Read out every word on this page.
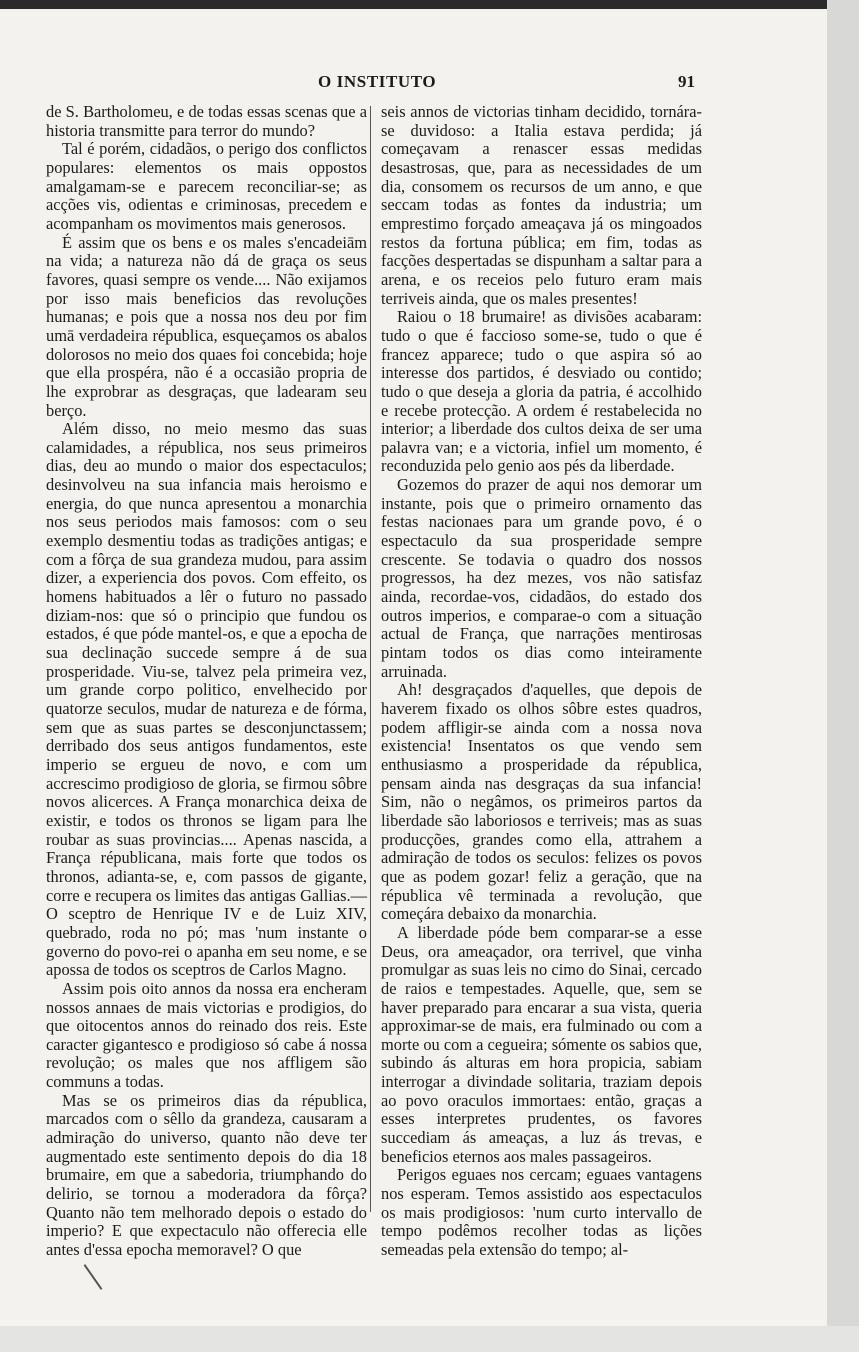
O INSTITUTO	91

de S. Bartholomeu, e de todas essas scenas que a historia transmitte para terror do mundo?

Tal é porém, cidadãos, o perigo dos conflictos populares: elementos os mais oppostos amalgamam-se e parecem reconciliar-se; as acções vis, odientas e criminosas, precedem e acompanham os movimentos mais generosos.

É assim que os bens e os males s'encadeiām na vida; a natureza não dá de graça os seus favores, quasi sempre os vende.... Não exijamos por isso mais beneficios das revoluções humanas; e pois que a nossa nos deu por fim umā verdadeira républica, esqueçamos os abalos dolorosos no meio dos quaes foi concebida; hoje que ella prospéra, não é a occasião propria de lhe exprobrar as desgraças, que ladearam seu berço.

Além disso, no meio mesmo das suas calamidades, a républica, nos seus primeiros dias, deu ao mundo o maior dos espectaculos; desinvolveu na sua infancia mais heroismo e energia, do que nunca apresentou a monarchia nos seus periodos mais famosos: com o seu exemplo desmentiu todas as tradições antigas; e com a fôrça de sua grandeza mudou, para assim dizer, a experiencia dos povos. Com effeito, os homens habituados a lêr o futuro no passado diziam-nos: que só o principio que fundou os estados, é que póde mantel-os, e que a epocha de sua declinação succede sempre á de sua prosperidade. Viu-se, talvez pela primeira vez, um grande corpo politico, envelhecido por quatorze seculos, mudar de natureza e de fórma, sem que as suas partes se desconjunctassem; derribado dos seus antigos fundamentos, este imperio se ergueu de novo, e com um accrescimo prodigioso de gloria, se firmou sôbre novos alicerces. A França monarchica deixa de existir, e todos os thronos se ligam para lhe roubar as suas provincias.... Apenas nascida, a França républicana, mais forte que todos os thronos, adianta-se, e, com passos de gigante, corre e recupera os limites das antigas Gallias.—O sceptro de Henrique IV e de Luiz XIV, quebrado, roda no pó; mas 'num instante o governo do povo-rei o apanha em seu nome, e se apossa de todos os sceptros de Carlos Magno.

Assim pois oito annos da nossa era encheram nossos annaes de mais victorias e prodigios, do que oitocentos annos do reinado dos reis. Este caracter gigantesco e prodigioso só cabe á nossa revolução; os males que nos affligem são communs a todas.

Mas se os primeiros dias da républica, marcados com o sêllo da grandeza, causaram a admiração do universo, quanto não deve ter augmentado este sentimento depois do dia 18 brumaire, em que a sabedoria, triumphando do delirio, se tornou a moderadora da fôrça? Quanto não tem melhorado depois o estado do imperio? E que expectaculo não offerecia elle antes d'essa epocha memoravel? O que

seis annos de victorias tinham decidido, tornára-se duvidoso: a Italia estava perdida; já começavam a renascer essas medidas desastrosas, que, para as necessidades de um dia, consomem os recursos de um anno, e que seccam todas as fontes da industria; um emprestimo forçado ameaçava já os mingoados restos da fortuna pública; em fim, todas as facções despertadas se dispunham a saltar para a arena, e os receios pelo futuro eram mais terriveis ainda, que os males presentes!

Raiou o 18 brumaire! as divisões acabaram: tudo o que é faccioso some-se, tudo o que é francez apparece; tudo o que aspira só ao interesse dos partidos, é desviado ou contido; tudo o que deseja a gloria da patria, é accolhido e recebe protecção. A ordem é restabelecida no interior; a liberdade dos cultos deixa de ser uma palavra van; e a victoria, infiel um momento, é reconduzida pelo genio aos pés da liberdade.

Gozemos do prazer de aqui nos demorar um instante, pois que o primeiro ornamento das festas nacionaes para um grande povo, é o espectaculo da sua prosperidade sempre crescente. Se todavia o quadro dos nossos progressos, ha dez mezes, vos não satisfaz ainda, recordae-vos, cidadãos, do estado dos outros imperios, e comparae-o com a situação actual de França, que narrações mentirosas pintam todos os dias como inteiramente arruinada.

Ah! desgraçados d'aquelles, que depois de haverem fixado os olhos sôbre estes quadros, podem affligir-se ainda com a nossa nova existencia! Insentatos os que vendo sem enthusiasmo a prosperidade da républica, pensam ainda nas desgraças da sua infancia! Sim, não o negâmos, os primeiros partos da liberdade são laboriosos e terriveis; mas as suas producções, grandes como ella, attrahem a admiração de todos os seculos: felizes os povos que as podem gozar! feliz a geração, que na républica vê terminada a revolução, que começára debaixo da monarchia.

A liberdade póde bem comparar-se a esse Deus, ora ameaçador, ora terrivel, que vinha promulgar as suas leis no cimo do Sinai, cercado de raios e tempestades. Aquelle, que, sem se haver preparado para encarar a sua vista, queria approximar-se de mais, era fulminado ou com a morte ou com a cegueira; sómente os sabios que, subindo ás alturas em hora propicia, sabiam interrogar a divindade solitaria, traziam depois ao povo oraculos immortaes: então, graças a esses interpretes prudentes, os favores succediam ás ameaças, a luz ás trevas, e beneficios eternos aos males passageiros.

Perigos eguaes nos cercam; eguaes vantagens nos esperam. Temos assistido aos espectaculos os mais prodigiosos: 'num curto intervallo de tempo podêmos recolher todas as lições semeadas pela extensão do tempo; al-
